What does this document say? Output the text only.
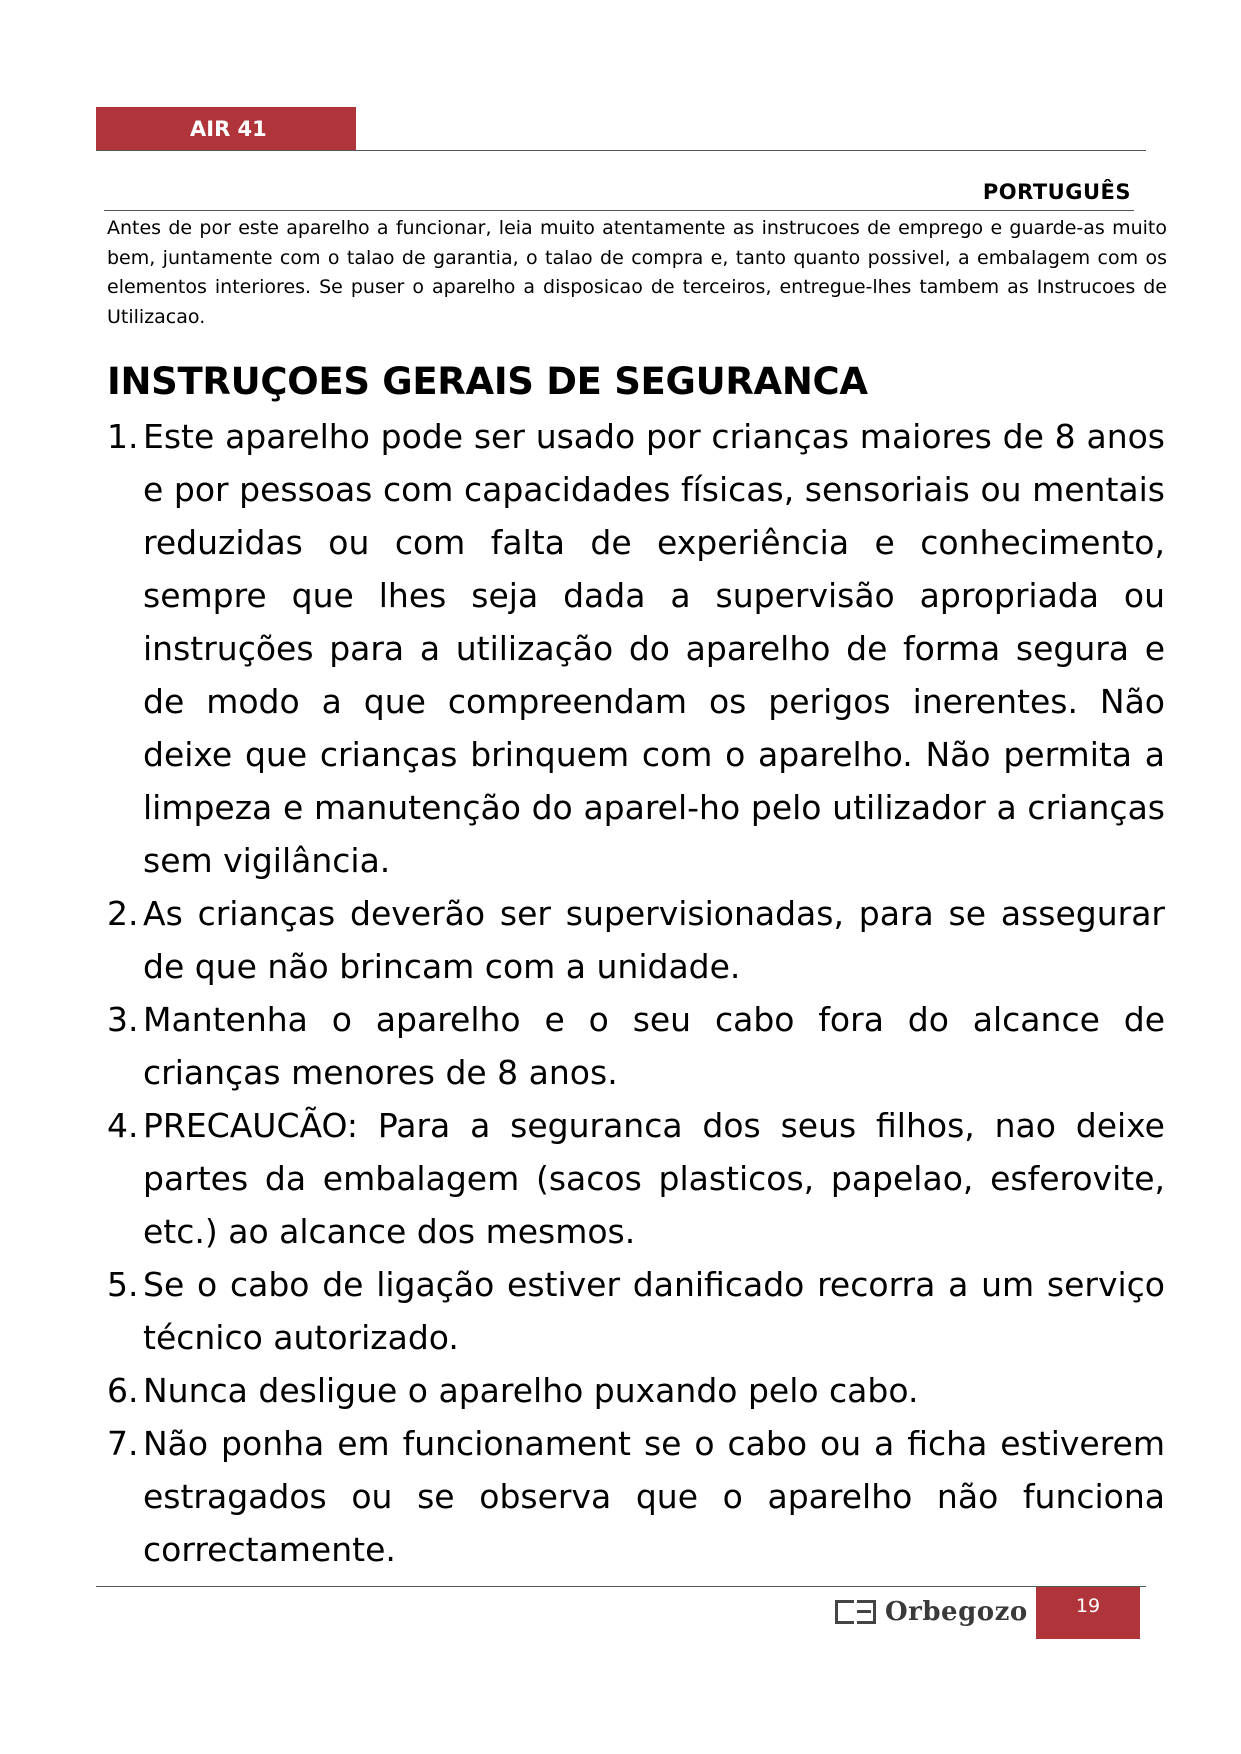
AIR 41
PORTUGUÊS
Antes de por este aparelho a funcionar, leia muito atentamente as instrucoes de emprego e guarde-as muito bem, juntamente com o talao de garantia, o talao de compra e, tanto quanto possivel, a embalagem com os elementos interiores. Se puser o aparelho a disposicao de terceiros, entregue-lhes tambem as Instrucoes de Utilizacao.
INSTRUÇOES GERAIS DE SEGURANCA
1. Este aparelho pode ser usado por crianças maiores de 8 anos e por pessoas com capacidades físicas, sensoriais ou mentais reduzidas ou com falta de experiência e conhecimento, sempre que lhes seja dada a supervisão apropriada ou instruções para a utilização do aparelho de forma segura e de modo a que compreendam os perigos inerentes. Não deixe que crianças brinquem com o aparelho. Não permita a limpeza e manutenção do aparel-ho pelo utilizador a crianças sem vigilância.
2. As crianças deverão ser supervisionadas, para se assegurar de que não brincam com a unidade.
3. Mantenha o aparelho e o seu cabo fora do alcance de crianças menores de 8 anos.
4. PRECAUCÃO: Para a seguranca dos seus filhos, nao deixe partes da embalagem (sacos plasticos, papelao, esferovite, etc.) ao alcance dos mesmos.
5. Se o cabo de ligação estiver danificado recorra a um serviço técnico autorizado.
6. Nunca desligue o aparelho puxando pelo cabo.
7. Não ponha em funcionament se o cabo ou a ficha estiverem estragados ou se observa que o aparelho não funciona correctamente.
Orbegozo	19
